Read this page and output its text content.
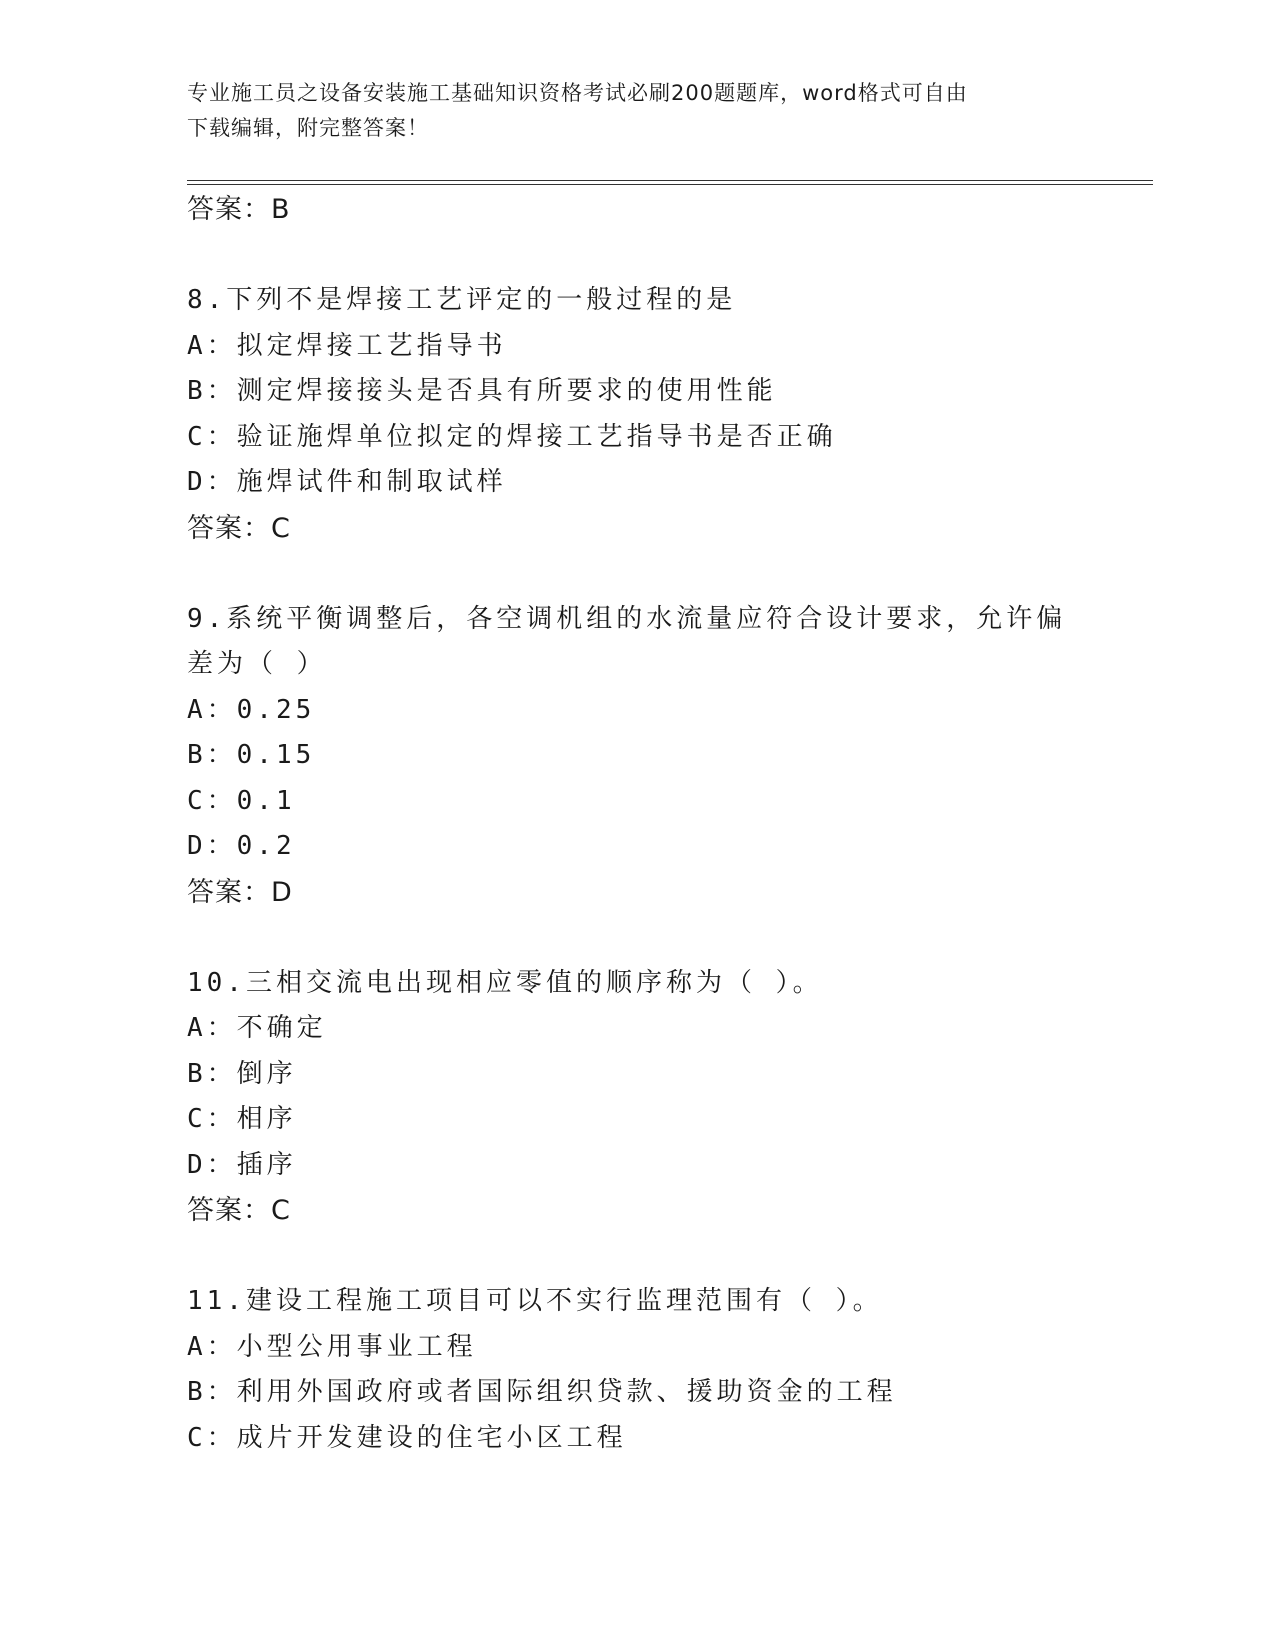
专业施工员之设备安装施工基础知识资格考试必刷200题题库，word格式可自由
下载编辑，附完整答案！
答案：B
8.下列不是焊接工艺评定的一般过程的是
A：拟定焊接工艺指导书
B：测定焊接接头是否具有所要求的使用性能
C：验证施焊单位拟定的焊接工艺指导书是否正确
D：施焊试件和制取试样
答案：C
9.系统平衡调整后，各空调机组的水流量应符合设计要求，允许偏差为（ ）
A：0.25
B：0.15
C：0.1
D：0.2
答案：D
10.三相交流电出现相应零值的顺序称为（ ）。
A：不确定
B：倒序
C：相序
D：插序
答案：C
11.建设工程施工项目可以不实行监理范围有（ ）。
A：小型公用事业工程
B：利用外国政府或者国际组织贷款、援助资金的工程
C：成片开发建设的住宅小区工程
